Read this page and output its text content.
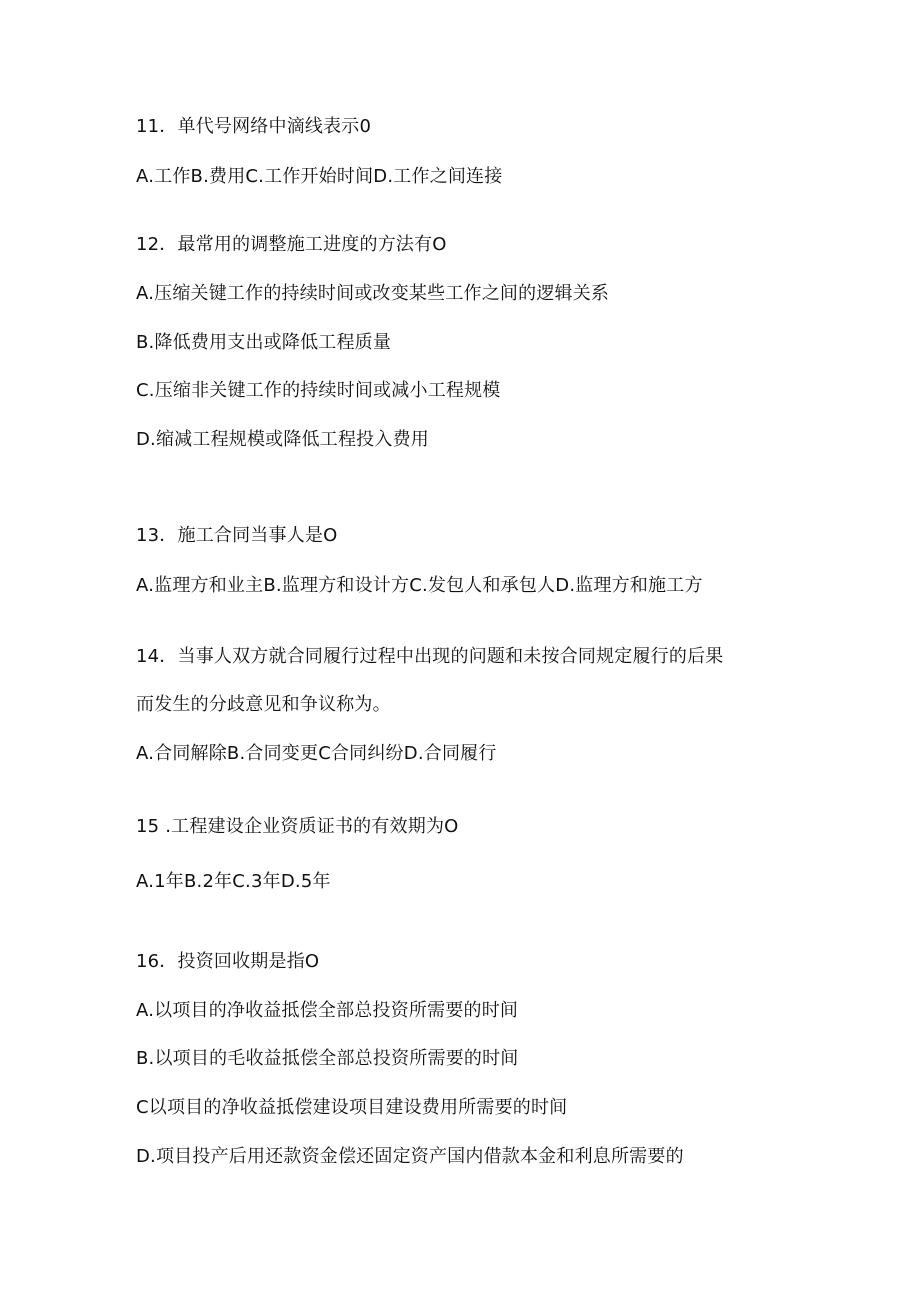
11．单代号网络中滴线表示0
A.工作B.费用C.工作开始时间D.工作之间连接
12．最常用的调整施工进度的方法有O
A.压缩关键工作的持续时间或改变某些工作之间的逻辑关系
B.降低费用支出或降低工程质量
C.压缩非关键工作的持续时间或减小工程规模
D.缩减工程规模或降低工程投入费用
13．施工合同当事人是O
A.监理方和业主B.监理方和设计方C.发包人和承包人D.监理方和施工方
14．当事人双方就合同履行过程中出现的问题和未按合同规定履行的后果
而发生的分歧意见和争议称为。
A.合同解除B.合同变更C合同纠纷D.合同履行
15 .工程建设企业资质证书的有效期为O
A.1年B.2年C.3年D.5年
16．投资回收期是指O
A.以项目的净收益抵偿全部总投资所需要的时间
B.以项目的毛收益抵偿全部总投资所需要的时间
C以项目的净收益抵偿建设项目建设费用所需要的时间
D.项目投产后用还款资金偿还固定资产国内借款本金和利息所需要的
